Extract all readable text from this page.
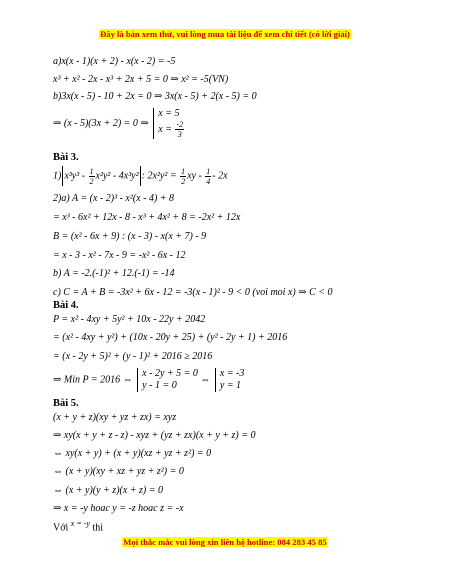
Đây là bản xem thử, vui lòng mua tài liệu để xem chi tiết (có lời giải)
a)x(x - 1)(x + 2) - x(x - 2) = -5
x³ + x² - 2x - x³ + 2x + 5 = 0 ⇒ x² = -5(VN)
b)3x(x - 5) - 10 + 2x = 0 ⇒ 3x(x - 5) + 2(x - 5) = 0
⇒ (x - 5)(3x + 2) = 0 ⇒
x = 5
$x = \frac{-2}{3}$
Bài 3.
1) $x^3y^3 - \frac{1}{2} x^2y^2 - 4x^3y^2$ : $2x^2y^2 = \frac{1}{2}$ xy - $\frac{1}{4} - 2x$
2)a) A = (x - 2)³ - x²(x - 4) + 8
= x³ - 6x² + 12x - 8 - x³ + 4x² + 8 = -2x² + 12x
B = (x² - 6x + 9) : (x - 3) - x(x + 7) - 9
= x - 3 - x² - 7x - 9 = -x² - 6x - 12
b) A = -2.(-1)² + 12.(-1) = -14
c) C = A + B = -3x² + 6x - 12 = -3(x - 1)² - 9 < 0 (voi moi x) ⇒ C < 0
Bài 4.
P = x² - 4xy + 5y² + 10x - 22y + 2042
= (x² - 4xy + y²) + (10x - 20y + 25) + (y² - 2y + 1) + 2016
= (x - 2y + 5)² + (y - 1)² + 2016 ≥ 2016
⇒ Min P = 2016 ⇔
x - 2y + 5 = 0
y - 1 = 0
⇔
x = -3
y = 1
Bài 5.
(x + y + z)(xy + yz + zx) = xyz
⇒ xy(x + y + z - z) - xyz + (yz + zx)(x + y + z) = 0
⇔ xy(x + y) + (x + y)(xz + yz + z²) = 0
⇔ (x + y)(xy + xz + yz + z²) = 0
⇔ (x + y)(y + z)(x + z) = 0
⇒ x = -y hoac y = -z hoac z = -x
Với $^{x = -y}$ thì
Mọi thắc mắc vui lòng xin liên hệ hotline: 084 283 45 85
